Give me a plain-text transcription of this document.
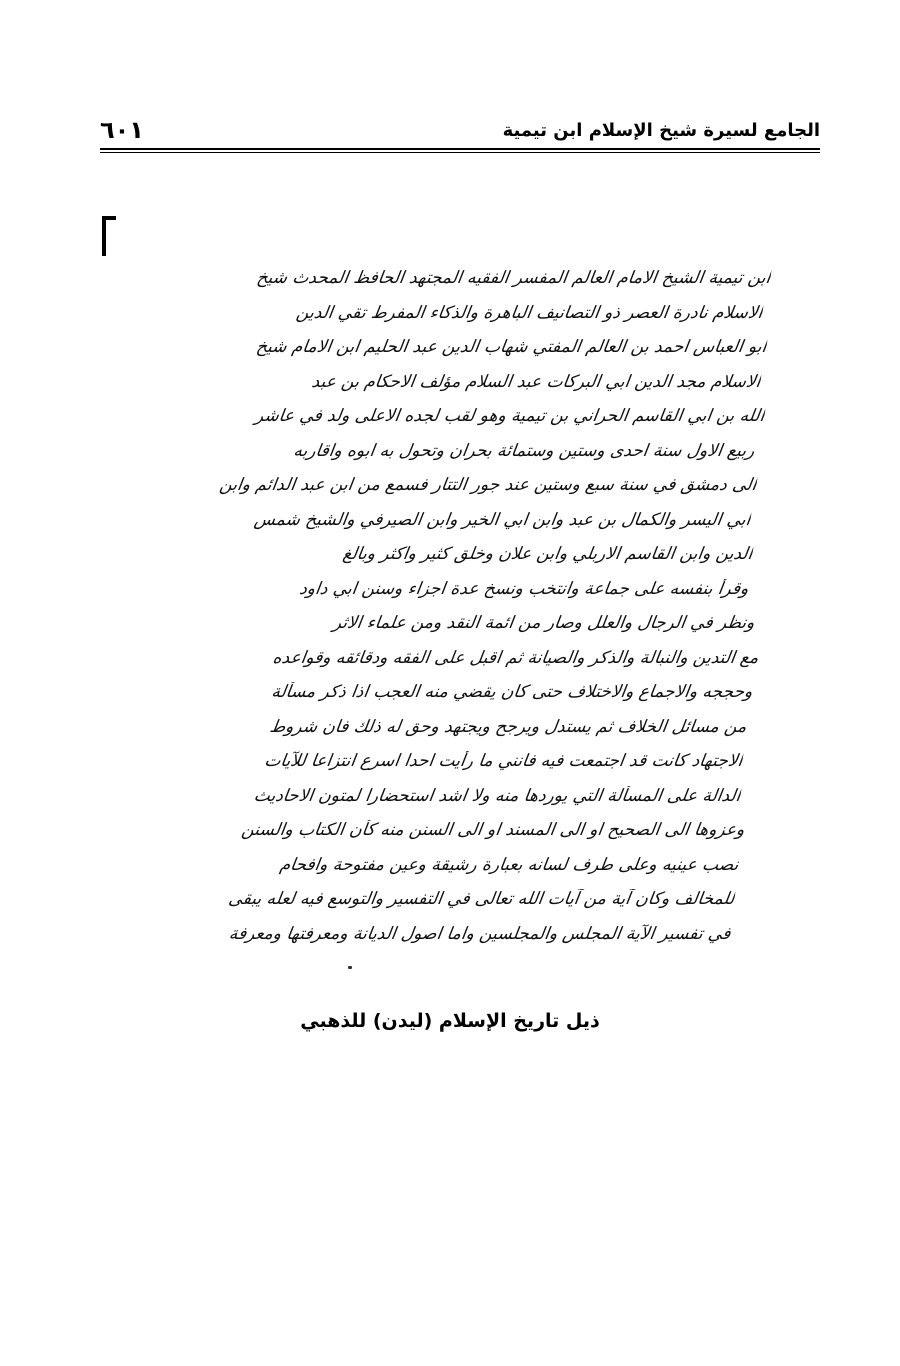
١٠٦	الجامع لسيرة شيخ الإسلام ابن تيمية
ابن تيمية الشيخ الامام العالم المفسر الفقيه المجتهد الحافظ المحدث شيخ
الاسلام نادرة العصر ذو التصانيف الباهرة والذكاء المفرط تقي الدين
ابو العباس احمد بن العالم المفتي شهاب الدين عبد الحليم ابن الامام شيخ
الاسلام مجد الدين ابي البركات عبد السلام مؤلف الاحكام بن عبد
الله بن ابي القاسم الحراني بن تيمية وهو لقب لجده الاعلى ولد في عاشر
ربيع الاول سنة احدى وستين وستمائة بحران وتحول به ابوه واقاربه
الى دمشق في سنة سبع وستين عند جور التتار فسمع من ابن عبد الدائم وابن
ابي اليسر والكمال بن عبد وابن ابي الخير وابن الصيرفي والشيخ شمس
الدين وابن القاسم الاربلي وابن علان وخلق كثير واكثر وبالغ
وقرأ بنفسه على جماعة وانتخب ونسخ عدة اجزاء وسنن ابي داود
ونظر في الرجال والعلل وصار من ائمة النقد ومن علماء الاثر
مع التدين والنبالة والذكر والصيانة ثم اقبل على الفقه ودقائقه وقواعده
وحججه والاجماع والاختلاف حتى كان يقضي منه العجب اذا ذكر مسألة
من مسائل الخلاف ثم يستدل ويرجح ويجتهد وحق له ذلك فان شروط
الاجتهاد كانت قد اجتمعت فيه فانني ما رأيت احدا اسرع انتزاعا للآيات
الدالة على المسألة التي يوردها منه ولا اشد استحضارا لمتون الاحاديث
وعزوها الى الصحيح او الى المسند او الى السنن منه كأن الكتاب والسنن
نصب عينيه وعلى طرف لسانه بعبارة رشيقة وعين مفتوحة وافحام
للمخالف وكان آية من آيات الله تعالى في التفسير والتوسع فيه لعله يبقى
في تفسير الآية المجلس والمجلسين واما اصول الديانة ومعرفتها ومعرفة
ذيل تاريخ الإسلام (ليدن) للذهبي
